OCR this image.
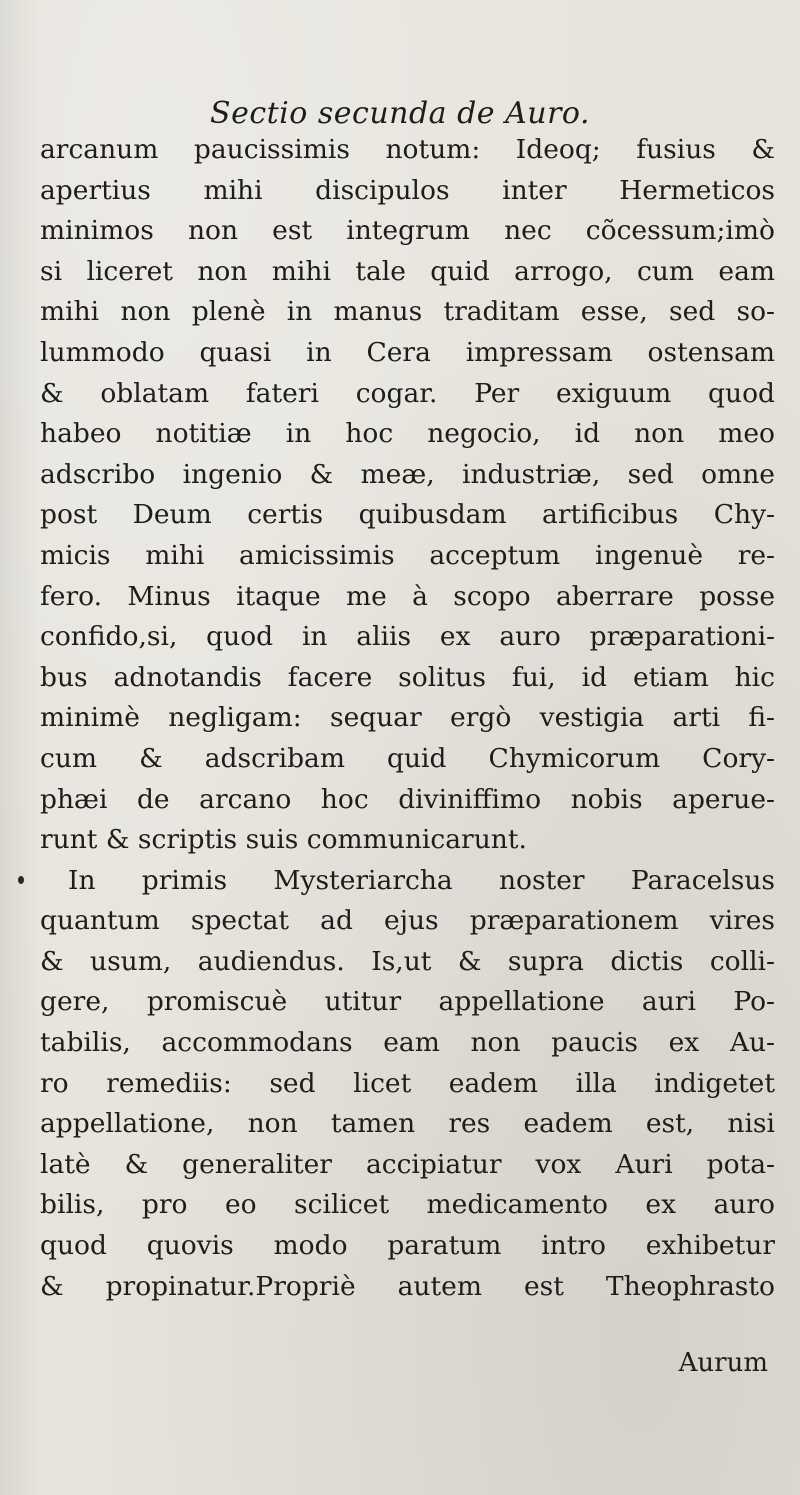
Sectio secunda de Auro.
arcanum paucissimis notum: Ideoq; fusius &
apertius mihi discipulos inter Hermeticos
minimos non est integrum nec cõcessum;imò
si liceret non mihi tale quid arrogo, cum eam
mihi non plenè in manus traditam esse, sed so-
lummodo quasi in Cera impressam ostensam
& oblatam fateri cogar. Per exiguum quod
habeo notitiæ in hoc negocio, id non meo
adscribo ingenio & meæ, industriæ, sed omne
post Deum certis quibusdam artificibus Chy-
micis mihi amicissimis acceptum ingenuè re-
fero. Minus itaque me à scopo aberrare posse
confido,si, quod in aliis ex auro præparationi-
bus adnotandis facere solitus fui, id etiam hic
minimè negligam: sequar ergò vestigia arti fi-
cum & adscribam quid Chymicorum Cory-
phæi de arcano hoc diviniffimo nobis aperue-
runt & scriptis suis communicarunt.
In primis Mysteriarcha noster Paracelsus
quantum spectat ad ejus præparationem vires
& usum, audiendus. Is,ut & supra dictis colli-
gere, promiscuè utitur appellatione auri Po-
tabilis, accommodans eam non paucis ex Au-
ro remediis: sed licet eadem illa indigetet
appellatione, non tamen res eadem est, nisi
latè & generaliter accipiatur vox Auri pota-
bilis, pro eo scilicet medicamento ex auro
quod quovis modo paratum intro exhibetur
& propinatur.Propriè autem est Theophrasto
Aurum
